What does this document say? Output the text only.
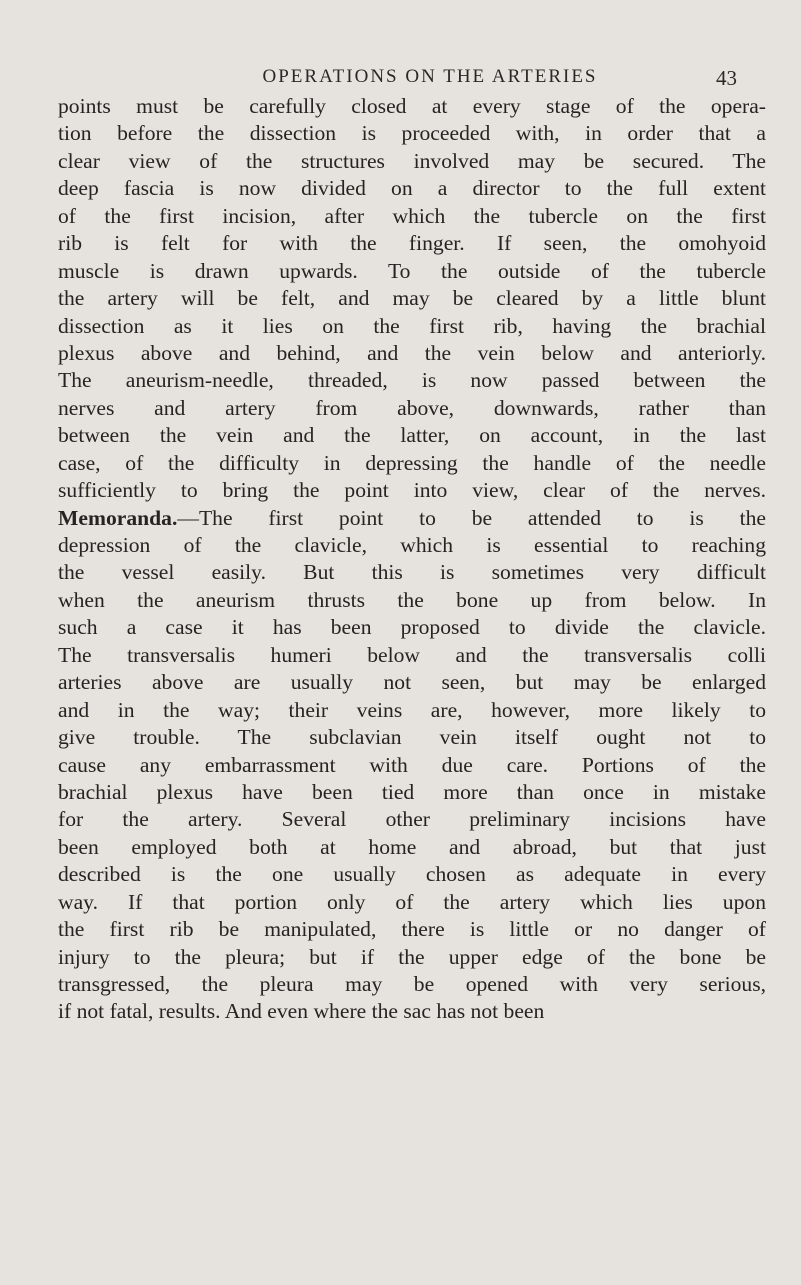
OPERATIONS ON THE ARTERIES	43
points must be carefully closed at every stage of the opera-
tion before the dissection is proceeded with, in order that a
clear view of the structures involved may be secured. The
deep fascia is now divided on a director to the full extent
of the first incision, after which the tubercle on the first
rib is felt for with the finger. If seen, the omohyoid
muscle is drawn upwards. To the outside of the tubercle
the artery will be felt, and may be cleared by a little blunt
dissection as it lies on the first rib, having the brachial
plexus above and behind, and the vein below and anteriorly.
The aneurism-needle, threaded, is now passed between the
nerves and artery from above, downwards, rather than
between the vein and the latter, on account, in the last
case, of the difficulty in depressing the handle of the needle
sufficiently to bring the point into view, clear of the nerves.
Memoranda.—The first point to be attended to is the
depression of the clavicle, which is essential to reaching
the vessel easily. But this is sometimes very difficult
when the aneurism thrusts the bone up from below. In
such a case it has been proposed to divide the clavicle.
The transversalis humeri below and the transversalis colli
arteries above are usually not seen, but may be enlarged
and in the way; their veins are, however, more likely to
give trouble. The subclavian vein itself ought not to
cause any embarrassment with due care. Portions of the
brachial plexus have been tied more than once in mistake
for the artery. Several other preliminary incisions have
been employed both at home and abroad, but that just
described is the one usually chosen as adequate in every
way. If that portion only of the artery which lies upon
the first rib be manipulated, there is little or no danger of
injury to the pleura; but if the upper edge of the bone be
transgressed, the pleura may be opened with very serious,
if not fatal, results. And even where the sac has not been
